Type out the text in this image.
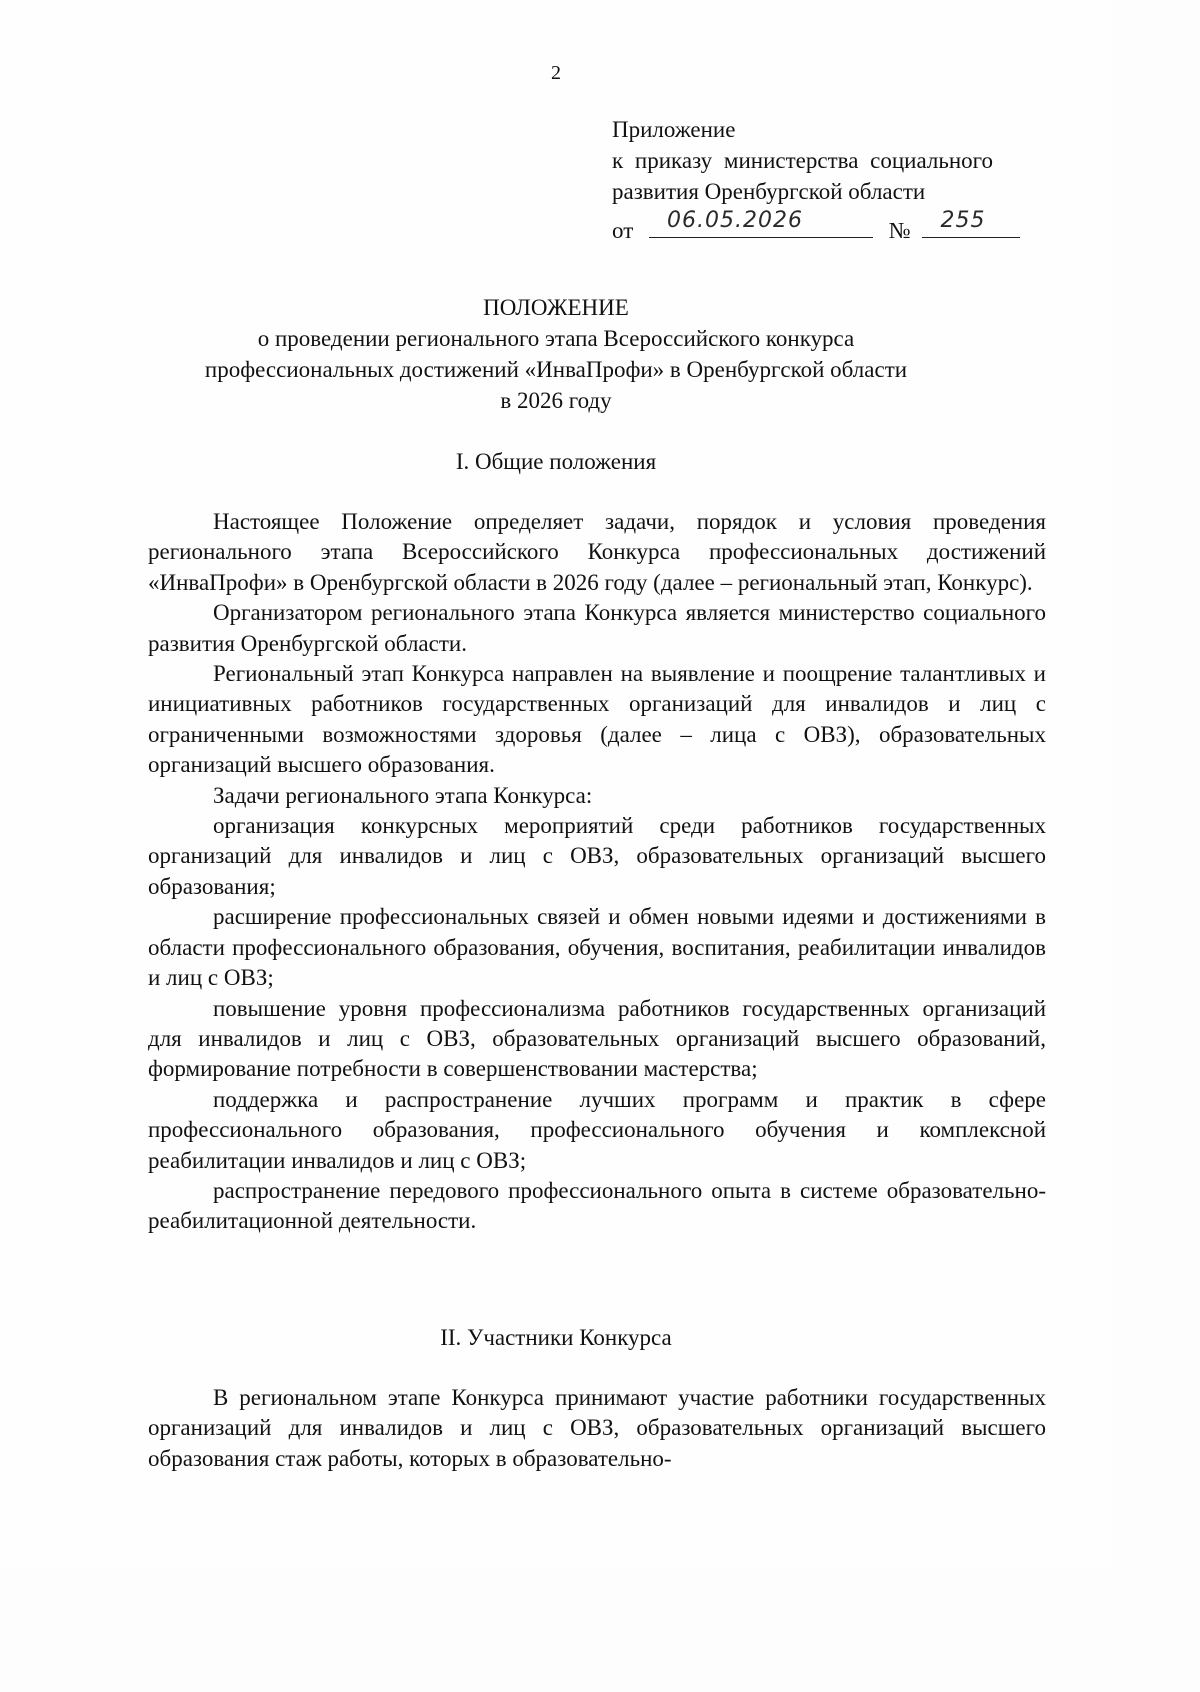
2
Приложение
к приказу министерства социального
развития Оренбургской области
от 06.05.2026	№ 255
ПОЛОЖЕНИЕ
о проведении регионального этапа Всероссийского конкурса
профессиональных достижений «ИнваПрофи» в Оренбургской области
в 2026 году
I. Общие положения

Настоящее Положение определяет задачи, порядок и условия проведения регионального этапа Всероссийского Конкурса профессиональных достижений «ИнваПрофи» в Оренбургской области в 2026 году (далее – региональный этап, Конкурс).

Организатором регионального этапа Конкурса является министерство социального развития Оренбургской области.

Региональный этап Конкурса направлен на выявление и поощрение талантливых и инициативных работников государственных организаций для инвалидов и лиц с ограниченными возможностями здоровья (далее – лица с ОВЗ), образовательных организаций высшего образования.

Задачи регионального этапа Конкурса:

организация конкурсных мероприятий среди работников государственных организаций для инвалидов и лиц с ОВЗ, образовательных организаций высшего образования;

расширение профессиональных связей и обмен новыми идеями и достижениями в области профессионального образования, обучения, воспитания, реабилитации инвалидов и лиц с ОВЗ;

повышение уровня профессионализма работников государственных организаций для инвалидов и лиц с ОВЗ, образовательных организаций высшего образований, формирование потребности в совершенствовании мастерства;

поддержка и распространение лучших программ и практик в сфере профессионального образования, профессионального обучения и комплексной реабилитации инвалидов и лиц с ОВЗ;

распространение передового профессионального опыта в системе образовательно-реабилитационной деятельности.

II. Участники Конкурса

В региональном этапе Конкурса принимают участие работники государственных организаций для инвалидов и лиц с ОВЗ, образовательных организаций высшего образования стаж работы, которых в образовательно-
